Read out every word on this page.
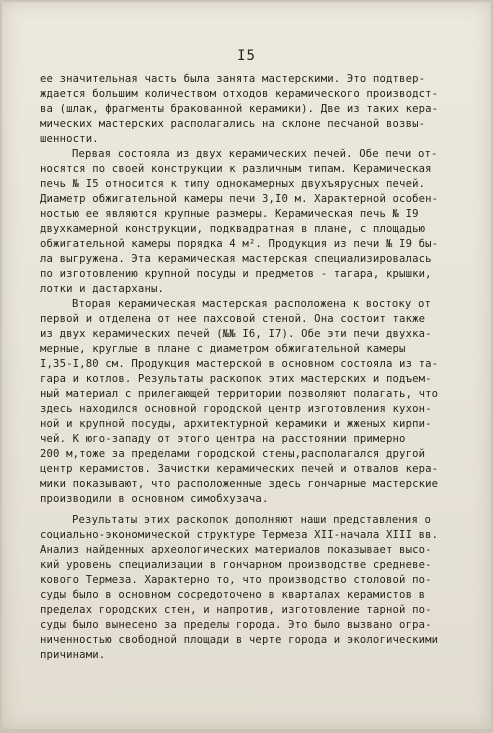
I5
ее значительная часть была занята мастерскими. Это подтвер-
ждается большим количеством отходов керамического производст-
ва (шлак, фрагменты бракованной керамики). Две из таких кера-
мических мастерских располагались на склоне песчаной возвы-
шенности.
Первая состояла из двух керамических печей. Обе печи от-
носятся по своей конструкции к различным типам. Керамическая
печь № I5 относится к типу однокамерных двухъярусных печей.
Диаметр обжигательной камеры печи 3,I0 м. Характерной особен-
ностью ее являются крупные размеры. Керамическая печь № I9
двухкамерной конструкции, подквадратная в плане, с площадью
обжигательной камеры порядка 4 м². Продукция из печи № I9 бы-
ла выгружена. Эта керамическая мастерская специализировалась
по изготовлению крупной посуды и предметов - тагара, крышки,
лотки и дастарханы.
Вторая керамическая мастерская расположена к востоку от
первой и отделена от нее пахсовой стеной. Она состоит также
из двух керамических печей (№№ I6, I7). Обе эти печи двухка-
мерные, круглые в плане с диаметром обжигательной камеры
I,35-I,80 см. Продукция мастерской в основном состояла из та-
гара и котлов. Результаты раскопок этих мастерских и подъем-
ный материал с прилегающей территории позволяют полагать, что
здесь находился основной городской центр изготовления кухон-
ной и крупной посуды, архитектурной керамики и жженых кирпи-
чей. К юго-западу от этого центра на расстоянии примерно
200 м,тоже за пределами городской стены,располагался другой
центр керамистов. Зачистки керамических печей и отвалов кера-
мики показывают, что расположенные здесь гончарные мастерские
производили в основном симобхузача.
Результаты этих раскопок дополняют наши представления о
социально-экономической структуре Термеза XII-начала XIII вв.
Анализ найденных археологических материалов показывает высо-
кий уровень специализации в гончарном производстве средневе-
кового Термеза. Характерно то, что производство столовой по-
суды было в основном сосредоточено в кварталах керамистов в
пределах городских стен, и напротив, изготовление тарной по-
суды было вынесено за пределы города. Это было вызвано огра-
ниченностью свободной площади в черте города и экологическими
причинами.
